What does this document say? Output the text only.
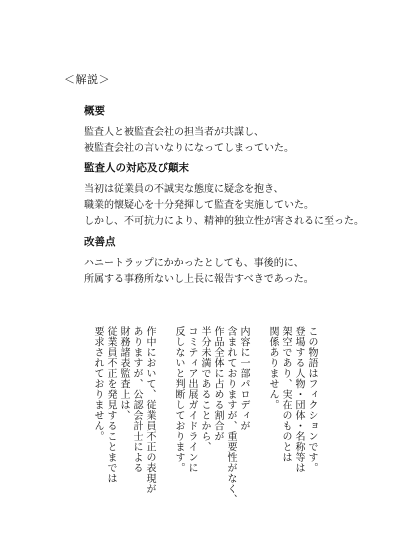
＜解説＞

概要

監査人と被監査会社の担当者が共謀し、

被監査会社の言いなりになってしまっていた。

監査人の対応及び顛末

当初は従業員の不誠実な態度に疑念を抱き、

職業的懐疑心を十分発揮して監査を実施していた。

しかし、不可抗力により、精神的独立性が害されるに至った。

改善点

ハニートラップにかかったとしても、事後的に、

所属する事務所ないし上長に報告すべきであった。

この物語はフィクションです。

登場する人物・団体・名称等は

架空であり、実在のものとは

関係ありません。

内容に一部パロディが

含まれておりますが、重要性がなく、

作品全体に占める割合が

半分未満であることから、

コミティア出展ガイドラインに

反しないと判断しております。

作中において、従業員不正の表現が

ありますが、公認会計士による

財務諸表監査上は、

従業員不正を発見することまでは

要求されておりません。
